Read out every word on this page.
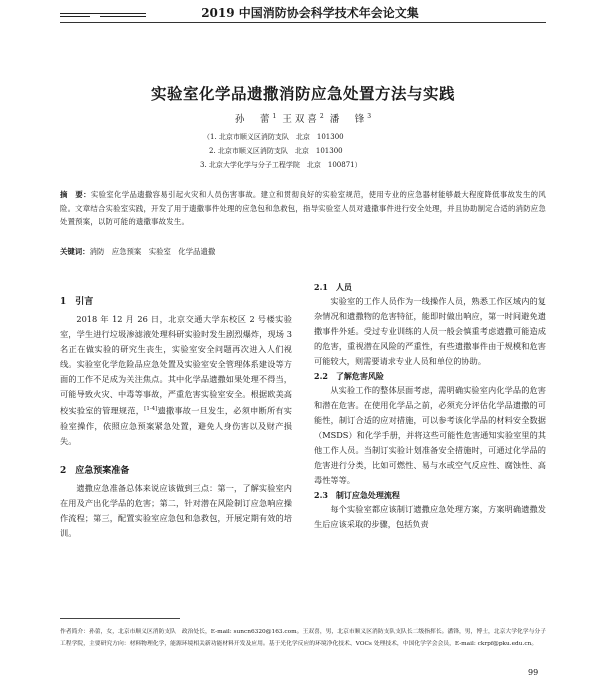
2019 中国消防协会科学技术年会论文集
实验室化学品遗撒消防应急处置方法与实践
孙　蕾$^1$ 王双喜$^2$ 潘　锋$^3$
（1. 北京市顺义区消防支队　北京　101300
2. 北京市顺义区消防支队　北京　101300
3. 北京大学化学与分子工程学院　北京　100871）
摘　要：实验室化学品遗撒容易引起火灾和人员伤害事故。建立和贯彻良好的实验室规范，使用专业的应急器材能够最大程度降低事故发生的风险。文章结合实验室实践，开发了用于遗撒事件处理的应急包和急救包，指导实验室人员对遗撒事件进行安全处理，并且协助制定合适的消防应急处置预案，以防可能的遗撒事故发生。
关键词：消防　应急预案　实验室　化学品遗撒
1　引言

2018 年 12 月 26 日，北京交通大学东校区 2 号楼实验室，学生进行垃圾渗滤液处理科研实验时发生剧烈爆炸，现场 3 名正在做实验的研究生丧生，实验室安全问题再次进入人们视线。实验室化学危险品应急处置及实验室安全管理体系建设等方面的工作不足成为关注焦点。其中化学品遗撒如果处理不得当，可能导致火灾、中毒等事故，严重危害实验室安全。根据欧美高校实验室的管理规范，[1-4]遗撒事故一旦发生，必须申断所有实验室操作，依照应急预案紧急处置，避免人身伤害以及财产损失。

2　应急预案准备

遗撒应急准备总体来说应该做到三点：第一，了解实验室内在用及产出化学品的危害；第二，针对潜在风险制订应急响应操作流程；第三，配置实验室应急包和急救包，开展定期有效的培训。

2.1　人员

实验室的工作人员作为一线操作人员，熟悉工作区域内的复杂情况和遗撒物的危害特征，能即时做出响应，第一时间避免遗撒事件外延。受过专业训练的人员一般会慎重考虑遗撒可能造成的危害，重视潜在风险的严重性，有些遗撒事件由于规模和危害可能较大，则需要请求专业人员和单位的协助。

2.2　了解危害风险

从实验工作的整体层面考虑，需明确实验室内化学品的危害和潜在危害。在使用化学品之前，必须充分评估化学品遗撒的可能性，制订合适的应对措施，可以参考该化学品的材料安全数据（MSDS）和化学手册，并将这些可能性危害通知实验室里的其他工作人员。当制订实验计划准备安全措施时，可通过化学品的危害进行分类，比如可燃性、易与水或空气反应性、腐蚀性、高毒性等等。

2.3　制订应急处理流程

每个实验室都应该制订遗撒应急处理方案，方案明确遗撒发生后应该采取的步骤，包括负责

作者简介：孙蕾，女，北京市顺义区消防支队　政治处长，E-mail: suncn6320@163.com。王双喜，男，北京市顺义区消防支队支队长二级指挥长。潘锋，男，博士，北京大学化学与分子工程学院，主要研究方向：材料物理化学，能源环境相关新功能材料开发及应用。基于光化学反应的环境净化技术、VOCs 处理技术，中国化学学会会员，E-mail: ckrpf@pku.edu.cn。
99
